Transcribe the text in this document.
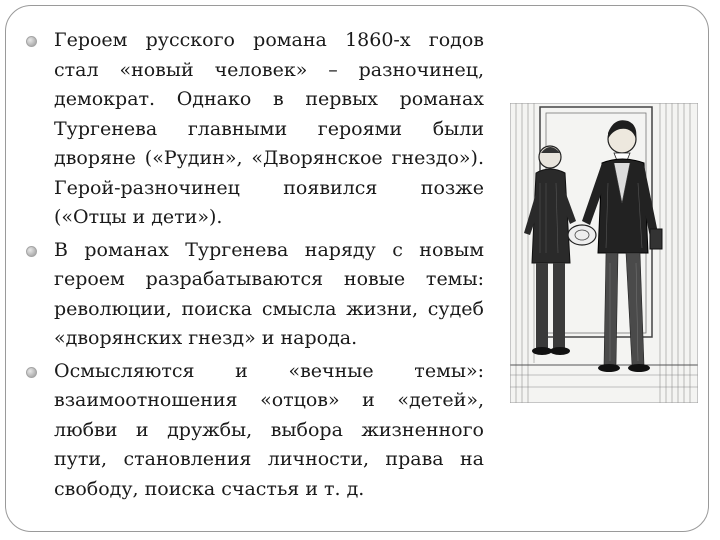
Героем русского романа 1860-х годов стал «новый человек» – разночинец, демократ. Однако в первых романах Тургенева главными героями были дворяне («Рудин», «Дворянское гнездо»). Герой-разночинец появился позже («Отцы и дети»).
В романах Тургенева наряду с новым героем разрабатываются новые темы: революции, поиска смысла жизни, судеб «дворянских гнезд» и народа.
Осмысляются и «вечные темы»: взаимоотношения «отцов» и «детей», любви и дружбы, выбора жизненного пути, становления личности, права на свободу, поиска счастья и т. д.
